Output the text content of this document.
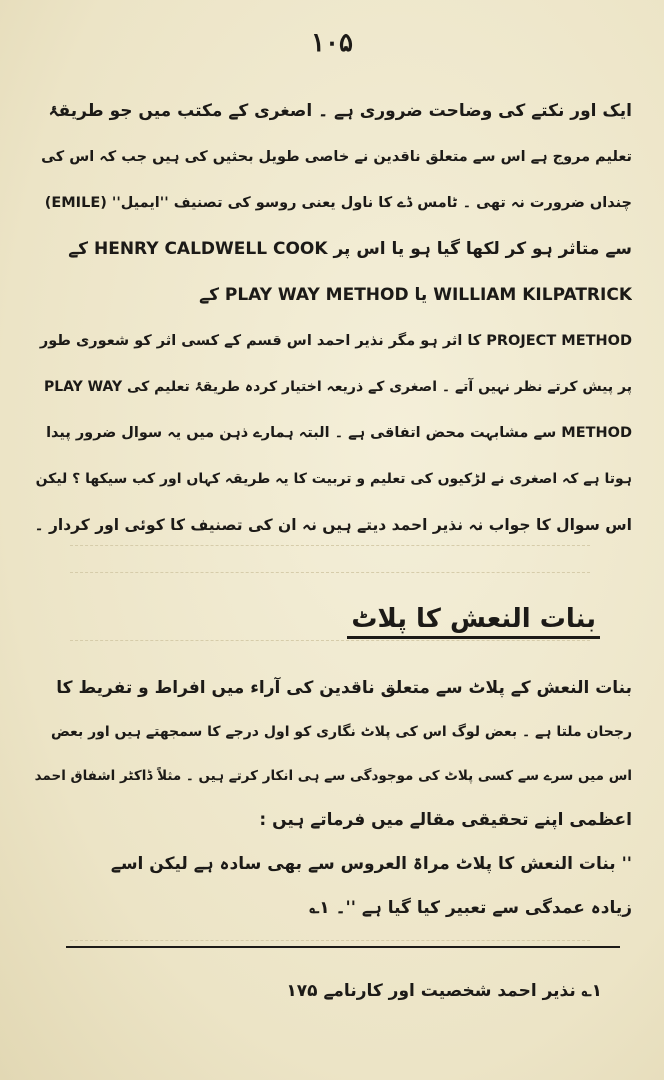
۱۰۵
ایک اور نکتے کی وضاحت ضروری ہے ۔ اصغری کے مکتب میں جو طریقۂ
تعلیم مروج ہے اس سے متعلق ناقدین نے خاصی طویل بحثیں کی ہیں جب کہ اس کی
چنداں ضرورت نہ تھی ۔ ٹامس ڈے کا ناول یعنی روسو کی تصنیف ''ایمیل'' (EMILE)
سے متاثر ہو کر لکھا گیا ہو یا اس پر HENRY CALDWELL COOK کے
WILLIAM KILPATRICK یا PLAY WAY METHOD کے
PROJECT METHOD کا اثر ہو مگر نذیر احمد اس قسم کے کسی اثر کو شعوری طور
پر پیش کرتے نظر نہیں آتے ۔ اصغری کے ذریعہ اختیار کردہ طریقۂ تعلیم کی PLAY WAY
METHOD سے مشابہت محض اتفاقی ہے ۔ البتہ ہمارے ذہن میں یہ سوال ضرور پیدا
ہوتا ہے کہ اصغری نے لڑکیوں کی تعلیم و تربیت کا یہ طریقہ کہاں اور کب سیکھا ؟ لیکن
اس سوال کا جواب نہ نذیر احمد دیتے ہیں نہ ان کی تصنیف کا کوئی اور کردار ۔
بنات النعش کا پلاٹ
بنات النعش کے پلاٹ سے متعلق ناقدین کی آراء میں افراط و تفریط کا
رجحان ملتا ہے ۔ بعض لوگ اس کی پلاٹ نگاری کو اول درجے کا سمجھتے ہیں اور بعض
اس میں سرے سے کسی پلاٹ کی موجودگی سے ہی انکار کرتے ہیں ۔ مثلاً ڈاکٹر اشفاق احمد
اعظمی اپنے تحقیقی مقالے میں فرماتے ہیں :
'' بنات النعش کا پلاٹ مراۃ العروس سے بھی سادہ ہے لیکن اسے
زیادہ عمدگی سے تعبیر کیا گیا ہے ''۔ ۱؎
۱؎ نذیر احمد شخصیت اور کارنامے ۱۷۵
